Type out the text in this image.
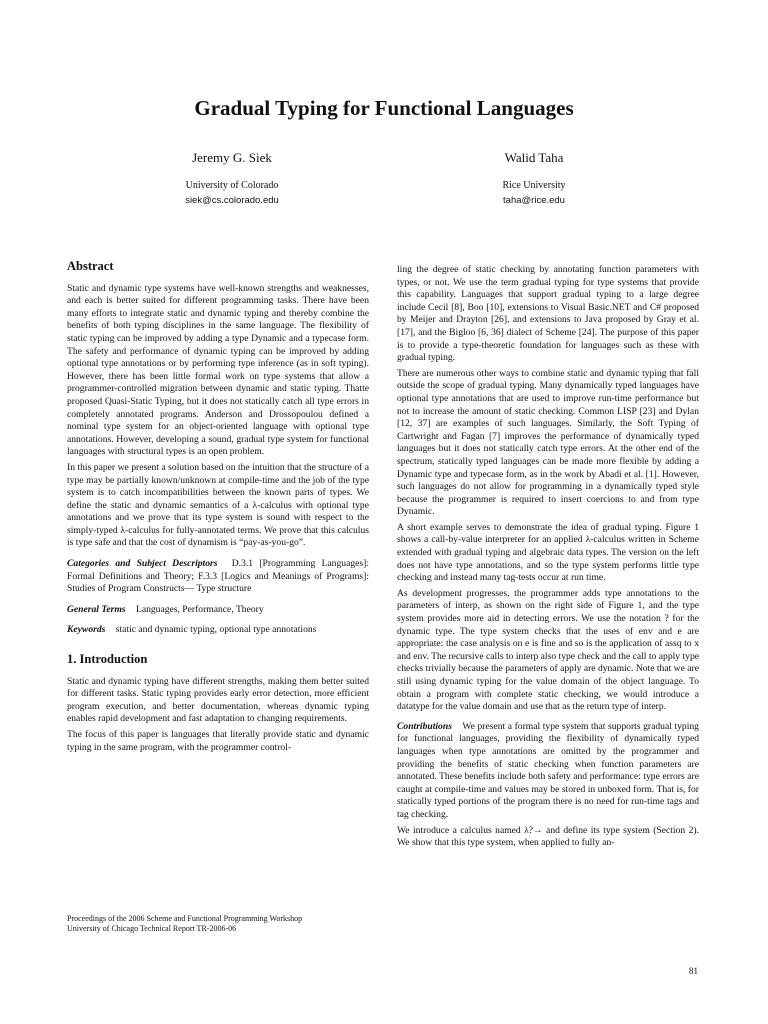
Gradual Typing for Functional Languages
Jeremy G. Siek
University of Colorado
siek@cs.colorado.edu
Walid Taha
Rice University
taha@rice.edu
Abstract

Static and dynamic type systems have well-known strengths and weaknesses, and each is better suited for different programming tasks. There have been many efforts to integrate static and dynamic typing and thereby combine the benefits of both typing disciplines in the same language. The flexibility of static typing can be improved by adding a type Dynamic and a typecase form. The safety and performance of dynamic typing can be improved by adding optional type annotations or by performing type inference (as in soft typing). However, there has been little formal work on type systems that allow a programmer-controlled migration between dynamic and static typing. Thatte proposed Quasi-Static Typing, but it does not statically catch all type errors in completely annotated programs. Anderson and Drossopoulou defined a nominal type system for an object-oriented language with optional type annotations. However, developing a sound, gradual type system for functional languages with structural types is an open problem.

In this paper we present a solution based on the intuition that the structure of a type may be partially known/unknown at compile-time and the job of the type system is to catch incompatibilities between the known parts of types. We define the static and dynamic semantics of a λ-calculus with optional type annotations and we prove that its type system is sound with respect to the simply-typed λ-calculus for fully-annotated terms. We prove that this calculus is type safe and that the cost of dynamism is “pay-as-you-go”.

Categories and Subject Descriptors D.3.1 [Programming Languages]: Formal Definitions and Theory; F.3.3 [Logics and Meanings of Programs]: Studies of Program Constructs— Type structure

General Terms Languages, Performance, Theory

Keywords static and dynamic typing, optional type annotations

1. Introduction

Static and dynamic typing have different strengths, making them better suited for different tasks. Static typing provides early error detection, more efficient program execution, and better documentation, whereas dynamic typing enables rapid development and fast adaptation to changing requirements.

The focus of this paper is languages that literally provide static and dynamic typing in the same program, with the programmer control-

ling the degree of static checking by annotating function parameters with types, or not. We use the term gradual typing for type systems that provide this capability. Languages that support gradual typing to a large degree include Cecil [8], Boo [10], extensions to Visual Basic.NET and C# proposed by Meijer and Drayton [26], and extensions to Java proposed by Gray et al. [17], and the Bigloo [6, 36] dialect of Scheme [24]. The purpose of this paper is to provide a type-theoretic foundation for languages such as these with gradual typing.

There are numerous other ways to combine static and dynamic typing that fall outside the scope of gradual typing. Many dynamically typed languages have optional type annotations that are used to improve run-time performance but not to increase the amount of static checking. Common LISP [23] and Dylan [12, 37] are examples of such languages. Similarly, the Soft Typing of Cartwright and Fagan [7] improves the performance of dynamically typed languages but it does not statically catch type errors. At the other end of the spectrum, statically typed languages can be made more flexible by adding a Dynamic type and typecase form, as in the work by Abadi et al. [1]. However, such languages do not allow for programming in a dynamically typed style because the programmer is required to insert coercions to and from type Dynamic.

A short example serves to demonstrate the idea of gradual typing. Figure 1 shows a call-by-value interpreter for an applied λ-calculus written in Scheme extended with gradual typing and algebraic data types. The version on the left does not have type annotations, and so the type system performs little type checking and instead many tag-tests occur at run time.

As development progresses, the programmer adds type annotations to the parameters of interp, as shown on the right side of Figure 1, and the type system provides more aid in detecting errors. We use the notation ? for the dynamic type. The type system checks that the uses of env and e are appropriate: the case analysis on e is fine and so is the application of assq to x and env. The recursive calls to interp also type check and the call to apply type checks trivially because the parameters of apply are dynamic. Note that we are still using dynamic typing for the value domain of the object language. To obtain a program with complete static checking, we would introduce a datatype for the value domain and use that as the return type of interp.

Contributions We present a formal type system that supports gradual typing for functional languages, providing the flexibility of dynamically typed languages when type annotations are omitted by the programmer and providing the benefits of static checking when function parameters are annotated. These benefits include both safety and performance: type errors are caught at compile-time and values may be stored in unboxed form. That is, for statically typed portions of the program there is no need for run-time tags and tag checking.

We introduce a calculus named λ?→ and define its type system (Section 2). We show that this type system, when applied to fully an-

Proceedings of the 2006 Scheme and Functional Programming Workshop
University of Chicago Technical Report TR-2006-06
81
